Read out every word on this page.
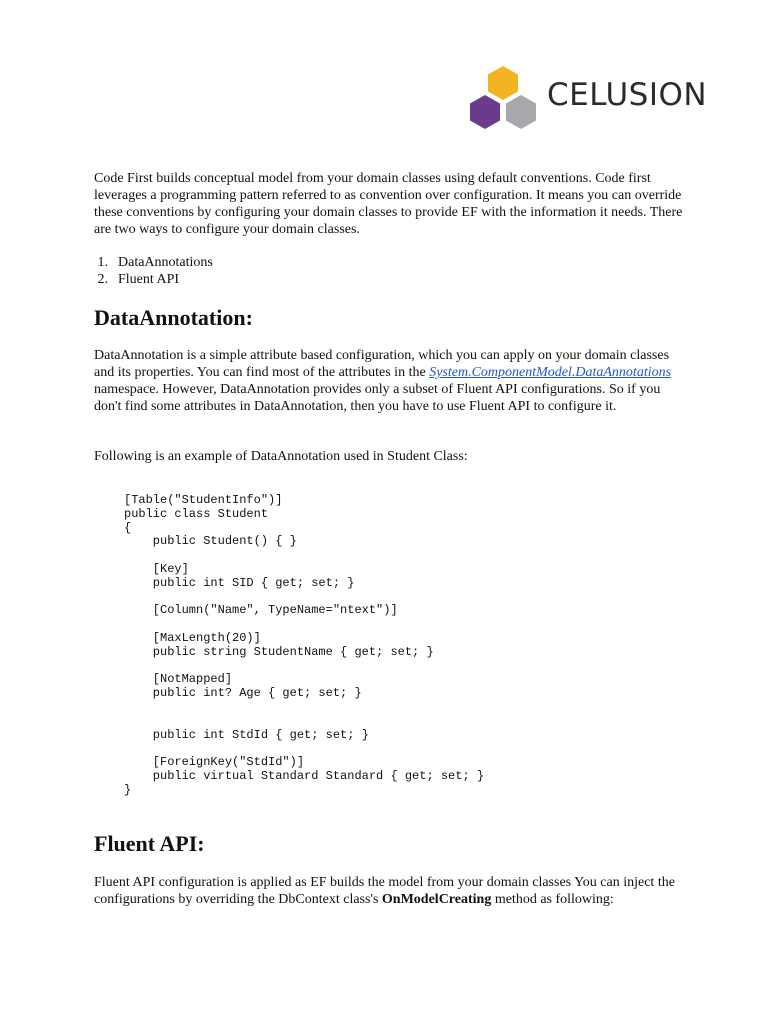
CELUSION

Code First builds conceptual model from your domain classes using default conventions. Code first leverages a programming pattern referred to as convention over configuration. It means you can override these conventions by configuring your domain classes to provide EF with the information it needs. There are two ways to configure your domain classes.

1. DataAnnotations
2. Fluent API
DataAnnotation:

DataAnnotation is a simple attribute based configuration, which you can apply on your domain classes and its properties. You can find most of the attributes in the System.ComponentModel.DataAnnotations namespace. However, DataAnnotation provides only a subset of Fluent API configurations. So if you don't find some attributes in DataAnnotation, then you have to use Fluent API to configure it.

Following is an example of DataAnnotation used in Student Class:

[Table("StudentInfo")]
public class Student
{
public Student() { }

[Key]
public int SID { get; set; }

[Column("Name", TypeName="ntext")]

[MaxLength(20)]
public string StudentName { get; set; }

[NotMapped]
public int? Age { get; set; }

public int StdId { get; set; }

[ForeignKey("StdId")]
public virtual Standard Standard { get; set; }
}
Fluent API:

Fluent API configuration is applied as EF builds the model from your domain classes You can inject the configurations by overriding the DbContext class's OnModelCreating method as following:
